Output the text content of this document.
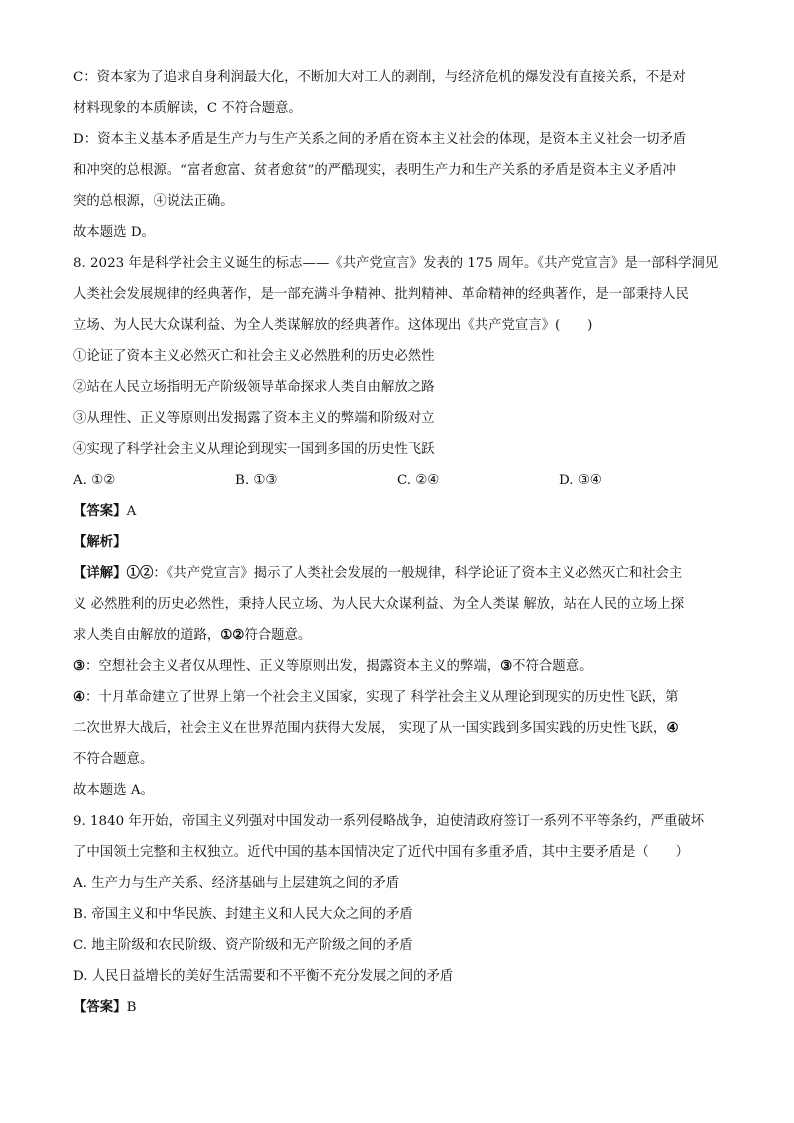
C：资本家为了追求自身利润最大化，不断加大对工人的剥削，与经济危机的爆发没有直接关系，不是对
材料现象的本质解读，C 不符合题意。
D：资本主义基本矛盾是生产力与生产关系之间的矛盾在资本主义社会的体现，是资本主义社会一切矛盾
和冲突的总根源。“富者愈富、贫者愈贫”的严酷现实，表明生产力和生产关系的矛盾是资本主义矛盾冲
突的总根源，④说法正确。
故本题选 D。
8. 2023 年是科学社会主义诞生的标志——《共产党宣言》发表的 175 周年。《共产党宣言》是一部科学洞见
人类社会发展规律的经典著作，是一部充满斗争精神、批判精神、革命精神的经典著作，是一部秉持人民
立场、为人民大众谋利益、为全人类谋解放的经典著作。这体现出《共产党宣言》(　　)
①论证了资本主义必然灭亡和社会主义必然胜利的历史必然性
②站在人民立场指明无产阶级领导革命探求人类自由解放之路
③从理性、正义等原则出发揭露了资本主义的弊端和阶级对立
④实现了科学社会主义从理论到现实一国到多国的历史性飞跃
A. ①②	B. ①③	C. ②④	D. ③④
【答案】A
【解析】
【详解】①②：《共产党宣言》揭示了人类社会发展的一般规律，科学论证了资本主义必然灭亡和社会主
义 必然胜利的历史必然性，秉持人民立场、为人民大众谋利益、为全人类谋 解放，站在人民的立场上探
求人类自由解放的道路，①②符合题意。
③：空想社会主义者仅从理性、正义等原则出发，揭露资本主义的弊端，③不符合题意。
④：十月革命建立了世界上第一个社会主义国家，实现了 科学社会主义从理论到现实的历史性飞跃，第
二次世界大战后，社会主义在世界范围内获得大发展， 实现了从一国实践到多国实践的历史性飞跃，④
不符合题意。
故本题选 A。
9. 1840 年开始，帝国主义列强对中国发动一系列侵略战争，迫使清政府签订一系列不平等条约，严重破坏
了中国领土完整和主权独立。近代中国的基本国情决定了近代中国有多重矛盾，其中主要矛盾是（　　）
A. 生产力与生产关系、经济基础与上层建筑之间的矛盾
B. 帝国主义和中华民族、封建主义和人民大众之间的矛盾
C. 地主阶级和农民阶级、资产阶级和无产阶级之间的矛盾
D. 人民日益增长的美好生活需要和不平衡不充分发展之间的矛盾
【答案】B
